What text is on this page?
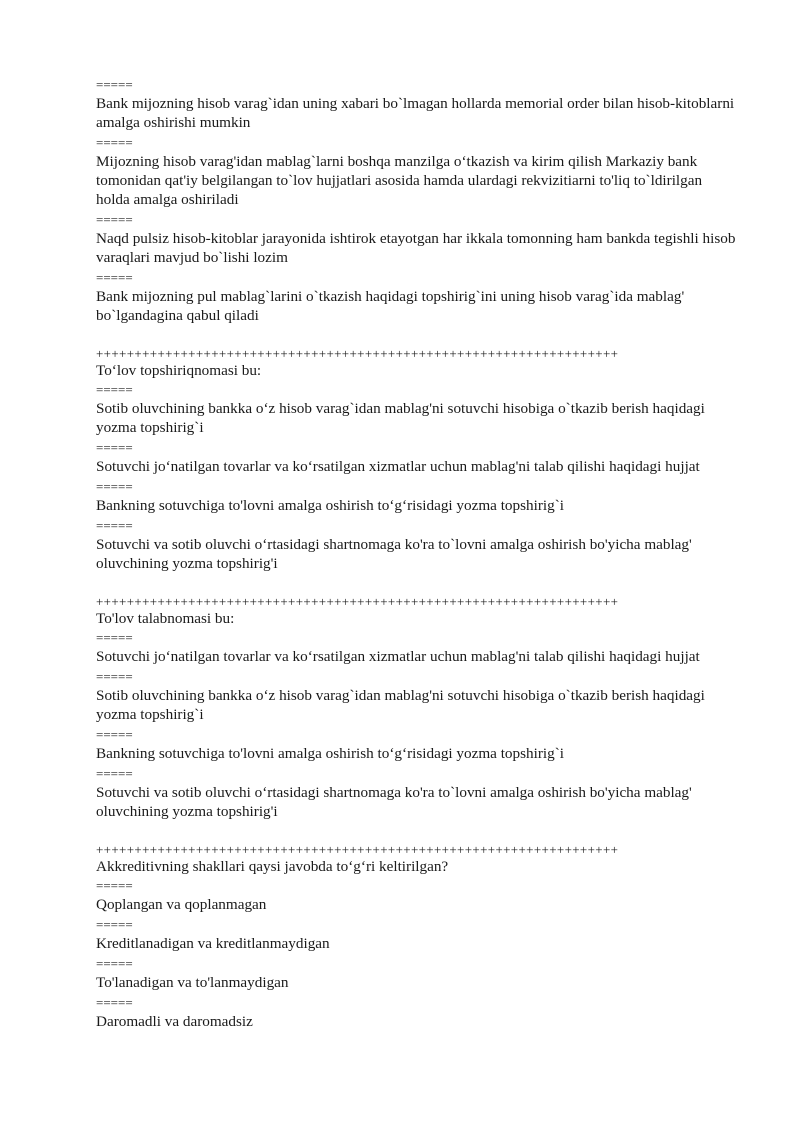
=====

Bank mijozning hisob varag`idan uning xabari bo`lmagan hollarda memorial order bilan hisob-kitoblarni amalga oshirishi mumkin

=====

Mijozning hisob varag'idan mablag`larni boshqa manzilga o‘tkazish va kirim qilish Markaziy bank tomonidan qat'iy belgilangan to`lov hujjatlari asosida hamda ulardagi rekvizitiarni to'liq to`ldirilgan holda amalga oshiriladi

=====

Naqd pulsiz hisob-kitoblar jarayonida ishtirok etayotgan har ikkala tomonning ham bankda tegishli hisob varaqlari mavjud bo`lishi lozim

=====

Bank mijozning pul mablag`larini o`tkazish haqidagi topshirig`ini uning hisob varag`ida mablag' bo`lgandagina qabul qiladi

++++++++++++++++++++++++++++++++++++++++++++++++++++++++++++++++++++

To‘lov topshiriqnomasi bu:

=====

Sotib oluvchining bankka o‘z hisob varag`idan mablag'ni sotuvchi hisobiga o`tkazib berish haqidagi yozma topshirig`i

=====

Sotuvchi jo‘natilgan tovarlar va ko‘rsatilgan xizmatlar uchun mablag'ni talab qilishi haqidagi hujjat

=====

Bankning sotuvchiga to'lovni amalga oshirish to‘g‘risidagi yozma topshirig`i

=====

Sotuvchi va sotib oluvchi o‘rtasidagi shartnomaga ko'ra to`lovni amalga oshirish bo'yicha mablag' oluvchining yozma topshirig'i

++++++++++++++++++++++++++++++++++++++++++++++++++++++++++++++++++++

To'lov talabnomasi bu:

=====

Sotuvchi jo‘natilgan tovarlar va ko‘rsatilgan xizmatlar uchun mablag'ni talab qilishi haqidagi hujjat

=====

Sotib oluvchining bankka o‘z hisob varag`idan mablag'ni sotuvchi hisobiga o`tkazib berish haqidagi yozma topshirig`i

=====

Bankning sotuvchiga to'lovni amalga oshirish to‘g‘risidagi yozma topshirig`i

=====

Sotuvchi va sotib oluvchi o‘rtasidagi shartnomaga ko'ra to`lovni amalga oshirish bo'yicha mablag' oluvchining yozma topshirig'i

++++++++++++++++++++++++++++++++++++++++++++++++++++++++++++++++++++

Akkreditivning shakllari qaysi javobda to‘g‘ri keltirilgan?

=====

Qoplangan va qoplanmagan

=====

Kreditlanadigan va kreditlanmaydigan

=====

To'lanadigan va to'lanmaydigan

=====

Daromadli va daromadsiz
